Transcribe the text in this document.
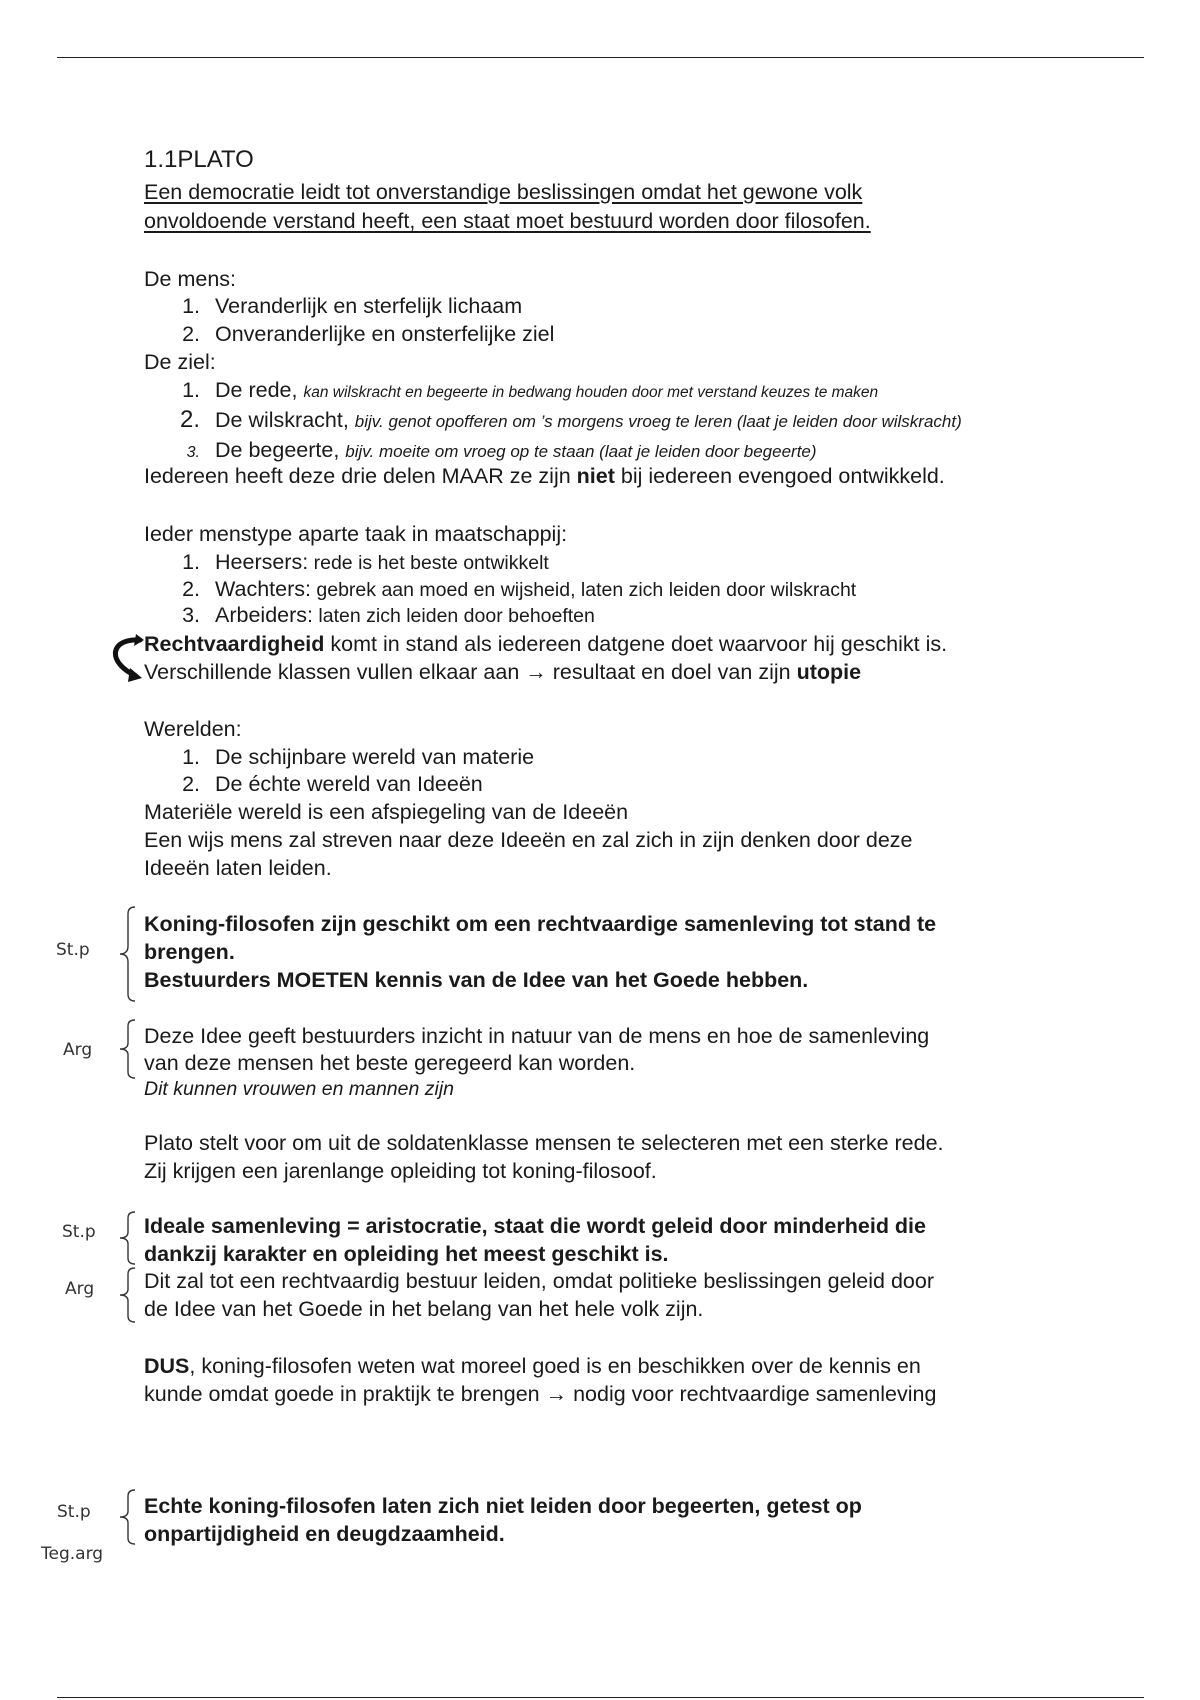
1.1PLATO
Een democratie leidt tot onverstandige beslissingen omdat het gewone volk
onvoldoende verstand heeft, een staat moet bestuurd worden door filosofen.
De mens:
1. Veranderlijk en sterfelijk lichaam
2. Onveranderlijke en onsterfelijke ziel
De ziel:
1. De rede, kan wilskracht en begeerte in bedwang houden door met verstand keuzes te maken
2. De wilskracht, bijv. genot opofferen om ’s morgens vroeg te leren (laat je leiden door wilskracht)
3. De begeerte, bijv. moeite om vroeg op te staan (laat je leiden door begeerte)
Iedereen heeft deze drie delen MAAR ze zijn niet bij iedereen evengoed ontwikkeld.
Ieder menstype aparte taak in maatschappij:
1. Heersers: rede is het beste ontwikkelt
2. Wachters: gebrek aan moed en wijsheid, laten zich leiden door wilskracht
3. Arbeiders: laten zich leiden door behoeften
Rechtvaardigheid komt in stand als iedereen datgene doet waarvoor hij geschikt is.
Verschillende klassen vullen elkaar aan → resultaat en doel van zijn utopie
Werelden:
1. De schijnbare wereld van materie
2. De échte wereld van Ideeën
Materiële wereld is een afspiegeling van de Ideeën
Een wijs mens zal streven naar deze Ideeën en zal zich in zijn denken door deze
Ideeën laten leiden.
St.p
Koning-filosofen zijn geschikt om een rechtvaardige samenleving tot stand te
brengen.
Bestuurders MOETEN kennis van de Idee van het Goede hebben.
Arg
Deze Idee geeft bestuurders inzicht in natuur van de mens en hoe de samenleving
van deze mensen het beste geregeerd kan worden.
Dit kunnen vrouwen en mannen zijn
Plato stelt voor om uit de soldatenklasse mensen te selecteren met een sterke rede.
Zij krijgen een jarenlange opleiding tot koning-filosoof.
St.p Ideale samenleving = aristocratie, staat die wordt geleid door minderheid die
dankzij karakter en opleiding het meest geschikt is.
Arg Dit zal tot een rechtvaardig bestuur leiden, omdat politieke beslissingen geleid door
de Idee van het Goede in het belang van het hele volk zijn.
DUS, koning-filosofen weten wat moreel goed is en beschikken over de kennis en
kunde omdat goede in praktijk te brengen → nodig voor rechtvaardige samenleving
St.p
Teg.arg
Echte koning-filosofen laten zich niet leiden door begeerten, getest op
onpartijdigheid en deugdzaamheid.
